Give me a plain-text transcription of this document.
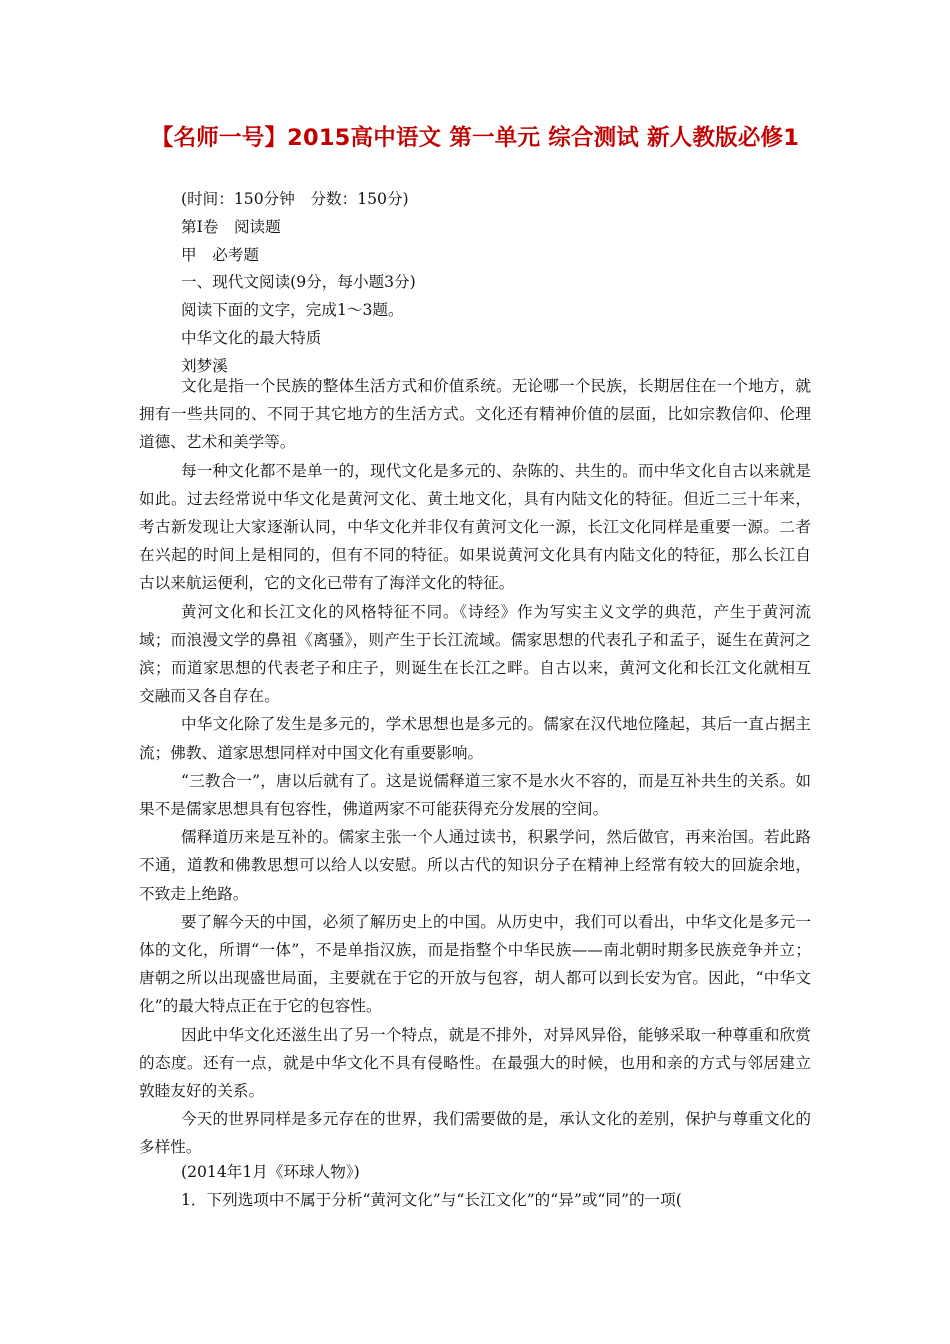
【名师一号】2015高中语文 第一单元 综合测试 新人教版必修1
(时间：150分钟　分数：150分)
第Ⅰ卷　阅读题
甲　必考题
一、现代文阅读(9分，每小题3分)
阅读下面的文字，完成1～3题。
中华文化的最大特质
刘梦溪

文化是指一个民族的整体生活方式和价值系统。无论哪一个民族，长期居住在一个地方，就拥有一些共同的、不同于其它地方的生活方式。文化还有精神价值的层面，比如宗教信仰、伦理道德、艺术和美学等。

每一种文化都不是单一的，现代文化是多元的、杂陈的、共生的。而中华文化自古以来就是如此。过去经常说中华文化是黄河文化、黄土地文化，具有内陆文化的特征。但近二三十年来，考古新发现让大家逐渐认同，中华文化并非仅有黄河文化一源，长江文化同样是重要一源。二者在兴起的时间上是相同的，但有不同的特征。如果说黄河文化具有内陆文化的特征，那么长江自古以来航运便利，它的文化已带有了海洋文化的特征。

黄河文化和长江文化的风格特征不同。《诗经》作为写实主义文学的典范，产生于黄河流域；而浪漫文学的鼻祖《离骚》，则产生于长江流域。儒家思想的代表孔子和孟子，诞生在黄河之滨；而道家思想的代表老子和庄子，则诞生在长江之畔。自古以来，黄河文化和长江文化就相互交融而又各自存在。

中华文化除了发生是多元的，学术思想也是多元的。儒家在汉代地位隆起，其后一直占据主流；佛教、道家思想同样对中国文化有重要影响。

“三教合一”，唐以后就有了。这是说儒释道三家不是水火不容的，而是互补共生的关系。如果不是儒家思想具有包容性，佛道两家不可能获得充分发展的空间。

儒释道历来是互补的。儒家主张一个人通过读书，积累学问，然后做官，再来治国。若此路不通，道教和佛教思想可以给人以安慰。所以古代的知识分子在精神上经常有较大的回旋余地，不致走上绝路。

要了解今天的中国，必须了解历史上的中国。从历史中，我们可以看出，中华文化是多元一体的文化，所谓“一体”，不是单指汉族，而是指整个中华民族——南北朝时期多民族竞争并立；唐朝之所以出现盛世局面，主要就在于它的开放与包容，胡人都可以到长安为官。因此，“中华文化”的最大特点正在于它的包容性。

因此中华文化还滋生出了另一个特点，就是不排外，对异风异俗，能够采取一种尊重和欣赏的态度。还有一点，就是中华文化不具有侵略性。在最强大的时候，也用和亲的方式与邻居建立敦睦友好的关系。

今天的世界同样是多元存在的世界，我们需要做的是，承认文化的差别，保护与尊重文化的多样性。

(2014年1月《环球人物》)
1．下列选项中不属于分析“黄河文化”与“长江文化”的“异”或“同”的一项(
